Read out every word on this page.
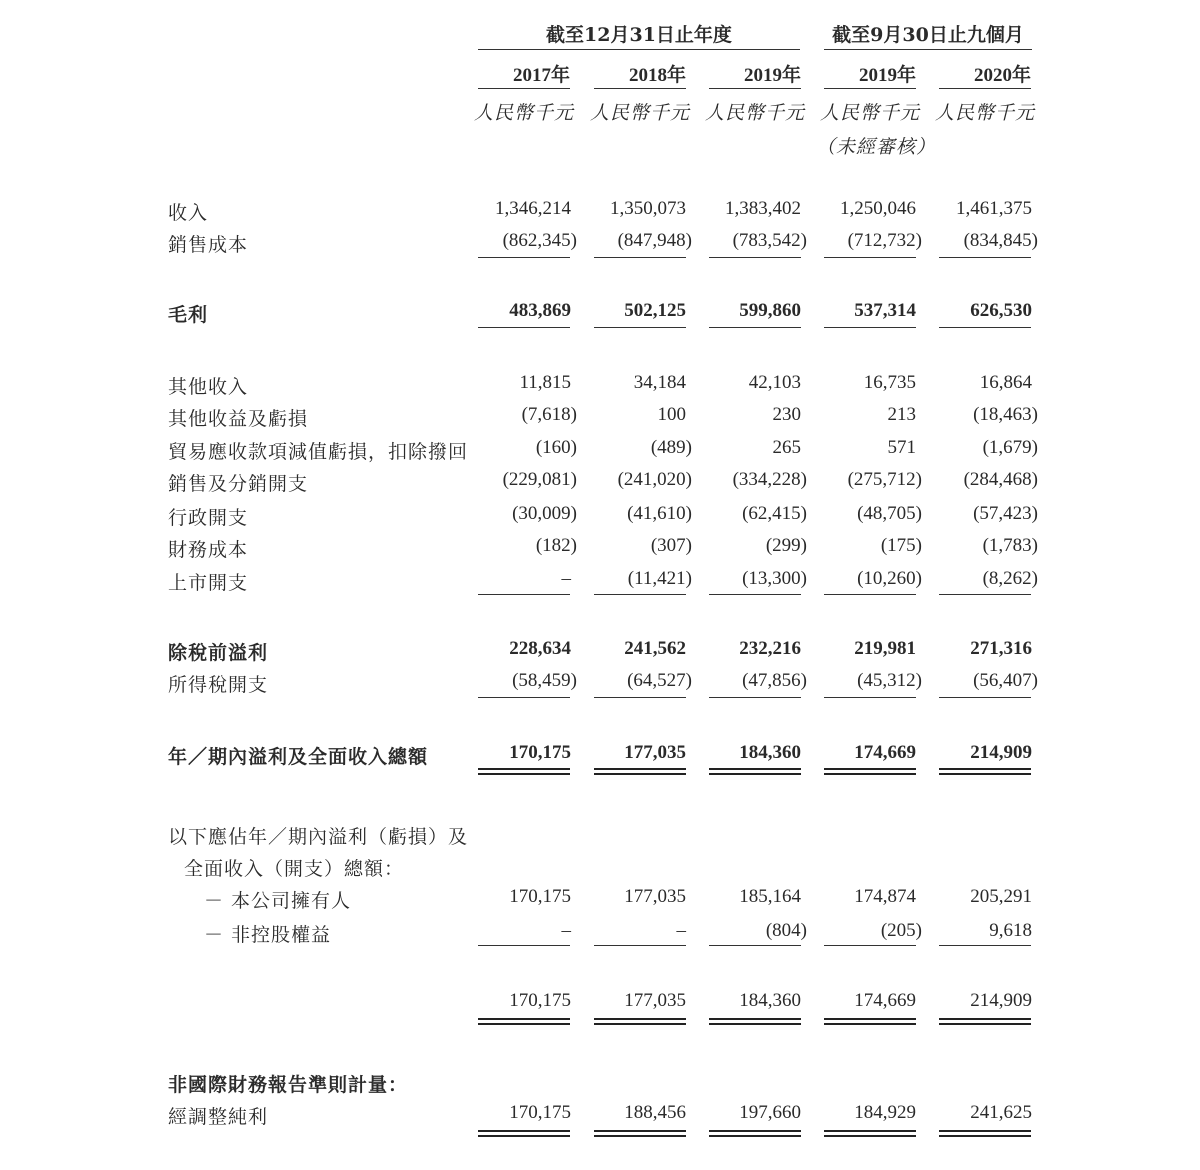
截至12月31日止年度	截至9月30日止九個月
2017年	2018年	2019年	2019年	2020年
人民幣千元 人民幣千元 人民幣千元 人民幣千元 人民幣千元
（未經審核）
收入	1,346,214	1,350,073	1,383,402	1,250,046	1,461,375
銷售成本	(862,345)	(847,948)	(783,542)	(712,732)	(834,845)
毛利	483,869	502,125	599,860	537,314	626,530
其他收入	11,815	34,184	42,103	16,735	16,864
其他收益及虧損	(7,618)	100	230	213	(18,463)
貿易應收款項減值虧損，扣除撥回	(160)	(489)	265	571	(1,679)
銷售及分銷開支	(229,081)	(241,020)	(334,228)	(275,712)	(284,468)
行政開支	(30,009)	(41,610)	(62,415)	(48,705)	(57,423)
財務成本	(182)	(307)	(299)	(175)	(1,783)
上市開支	–	(11,421)	(13,300)	(10,260)	(8,262)
除稅前溢利	228,634	241,562	232,216	219,981	271,316
所得稅開支	(58,459)	(64,527)	(47,856)	(45,312)	(56,407)
年／期內溢利及全面收入總額	170,175	177,035	184,360	174,669	214,909
以下應佔年／期內溢利（虧損）及
全面收入（開支）總額：
－ 本公司擁有人	170,175	177,035	185,164	174,874	205,291
－ 非控股權益	–	–	(804)	(205)	9,618
170,175	177,035	184,360	174,669	214,909
非國際財務報告準則計量：
經調整純利	170,175	188,456	197,660	184,929	241,625
